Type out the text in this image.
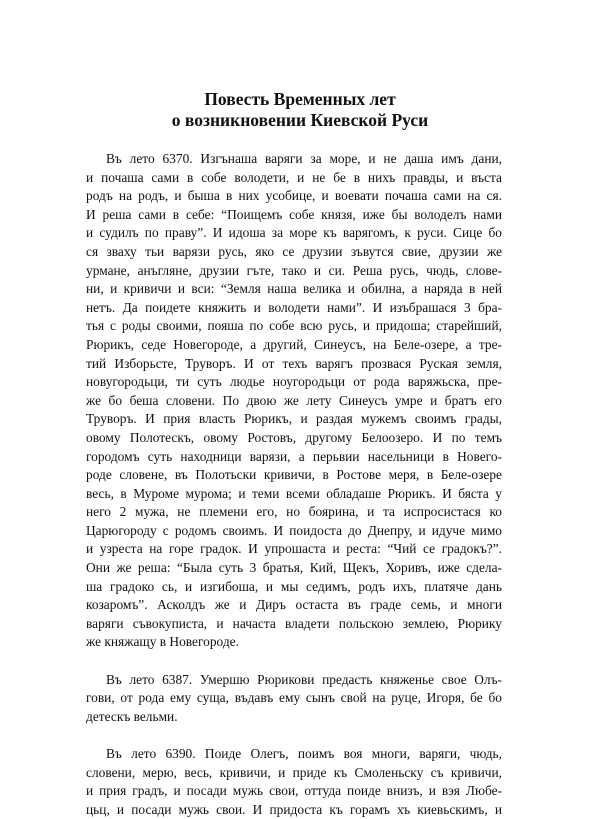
Повесть Временных лет
о возникновении Киевской Руси

Въ лето 6370. Изгънаша варяги за море, и не даша имъ дани,
и почаша сами в собе володети, и не бе в нихъ правды, и въста
родъ на родъ, и быша в них усобице, и воевати почаша сами на ся.
И реша сами в себе: “Поищемъ собе князя, иже бы володелъ нами
и судилъ по праву”. И идоша за море къ варягомъ, к руси. Сице бо
ся зваху тьи варязи русь, яко се друзии зъвутся свие, друзии же
урмане, анъгляне, друзии гъте, тако и си. Реша русь, чюдь, слове-
ни, и кривичи и вси: “Земля наша велика и обилна, а наряда в ней
нетъ. Да поидете княжить и володети нами”. И изъбрашася 3 бра-
тья с роды своими, пояша по собе всю русь, и придоша; старейший,
Рюрикъ, седе Новегороде, а другий, Синеусъ, на Беле-озере, а тре-
тий Изборьсте, Труворъ. И от техъ варягъ прозвася Руская земля,
новугородьци, ти суть людье ноугородьци от рода варяжьска, пре-
же бо беша словени. По двою же лету Синеусъ умре и братъ его
Труворъ. И прия власть Рюрикъ, и раздая мужемъ своимъ грады,
овому Полотескъ, овому Ростовъ, другому Белоозеро. И по темъ
городомъ суть находници варязи, а перьвии насельници в Новего-
роде словене, въ Полотьски кривичи, в Ростове меря, в Беле-озере
весь, в Муроме мурома; и теми всеми обладаше Рюрикъ. И бяста у
него 2 мужа, не племени его, но боярина, и та испросистася ко
Царюгороду с родомъ своимъ. И поидоста до Днепру, и идуче мимо
и узреста на горе градок. И упрошаста и реста: “Чий се градокъ?”.
Они же реша: “Была суть 3 братья, Кий, Щекъ, Хоривъ, иже сдела-
ша градоко сь, и изгибоша, и мы седимъ, родъ ихъ, платяче дань
козаромъ”. Асколдъ же и Диръ остаста въ граде семь, и многи
варяги съвокуписта, и начаста владети польскою землею, Рюрику
же княжащу в Новегороде.

Въ лето 6387. Умершю Рюрикови предасть княженье свое Олъ-
гови, от рода ему суща, въдавъ ему сынъ свой на руце, Игоря, бе бо
детескъ вельми.

Въ лето 6390. Поиде Олегъ, поимъ воя многи, варяги, чюдь,
словени, мерю, весь, кривичи, и приде къ Смоленьску съ кривичи,
и прия градъ, и посади мужь свои, оттуда поиде внизъ, и вэя Любе-
цьц, и посади мужь свои. И придоста къ горамъ хъ киевьскимъ, и
